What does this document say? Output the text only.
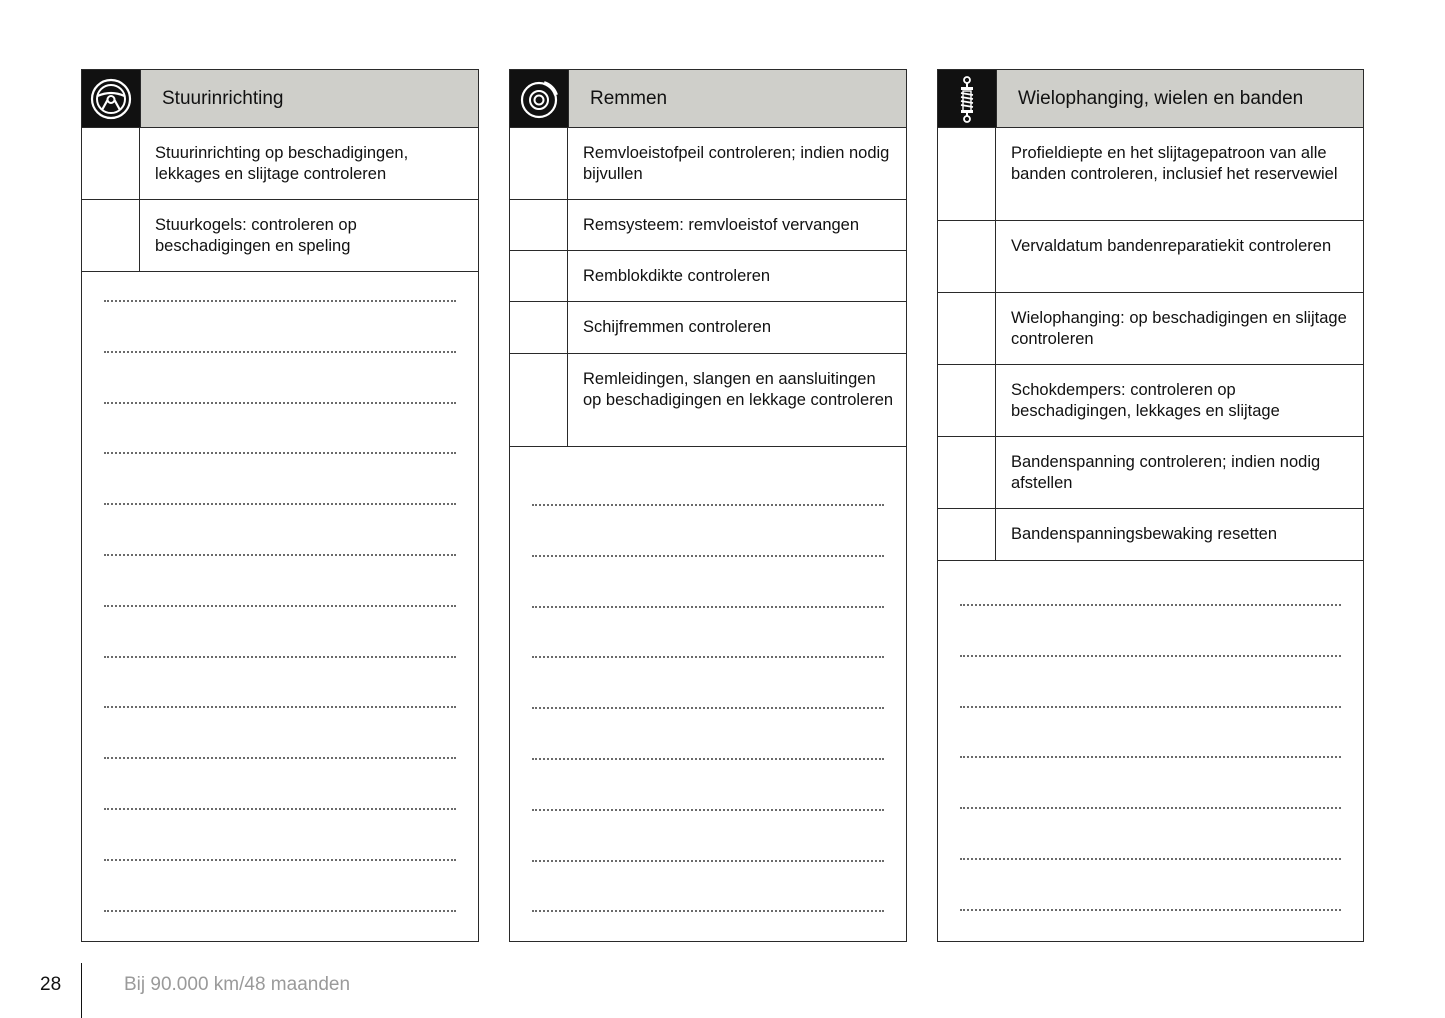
Stuurinrichting
Stuurinrichting op beschadigingen, lekkages en slijtage controleren
Stuurkogels: controleren op beschadigingen en speling
Remmen
Remvloeistofpeil controleren; indien nodig bijvullen
Remsysteem: remvloeistof vervangen
Remblokdikte controleren
Schijfremmen controleren
Remleidingen, slangen en aansluitingen op beschadigingen en lekkage controleren
Wielophanging, wielen en banden
Profieldiepte en het slijtagepatroon van alle banden controleren, inclusief het reservewiel
Vervaldatum bandenreparatiekit controleren
Wielophanging: op beschadigingen en slijtage controleren
Schokdempers: controleren op beschadigingen, lekkages en slijtage
Bandenspanning controleren; indien nodig afstellen
Bandenspanningsbewaking resetten
28	Bij 90.000 km/48 maanden
